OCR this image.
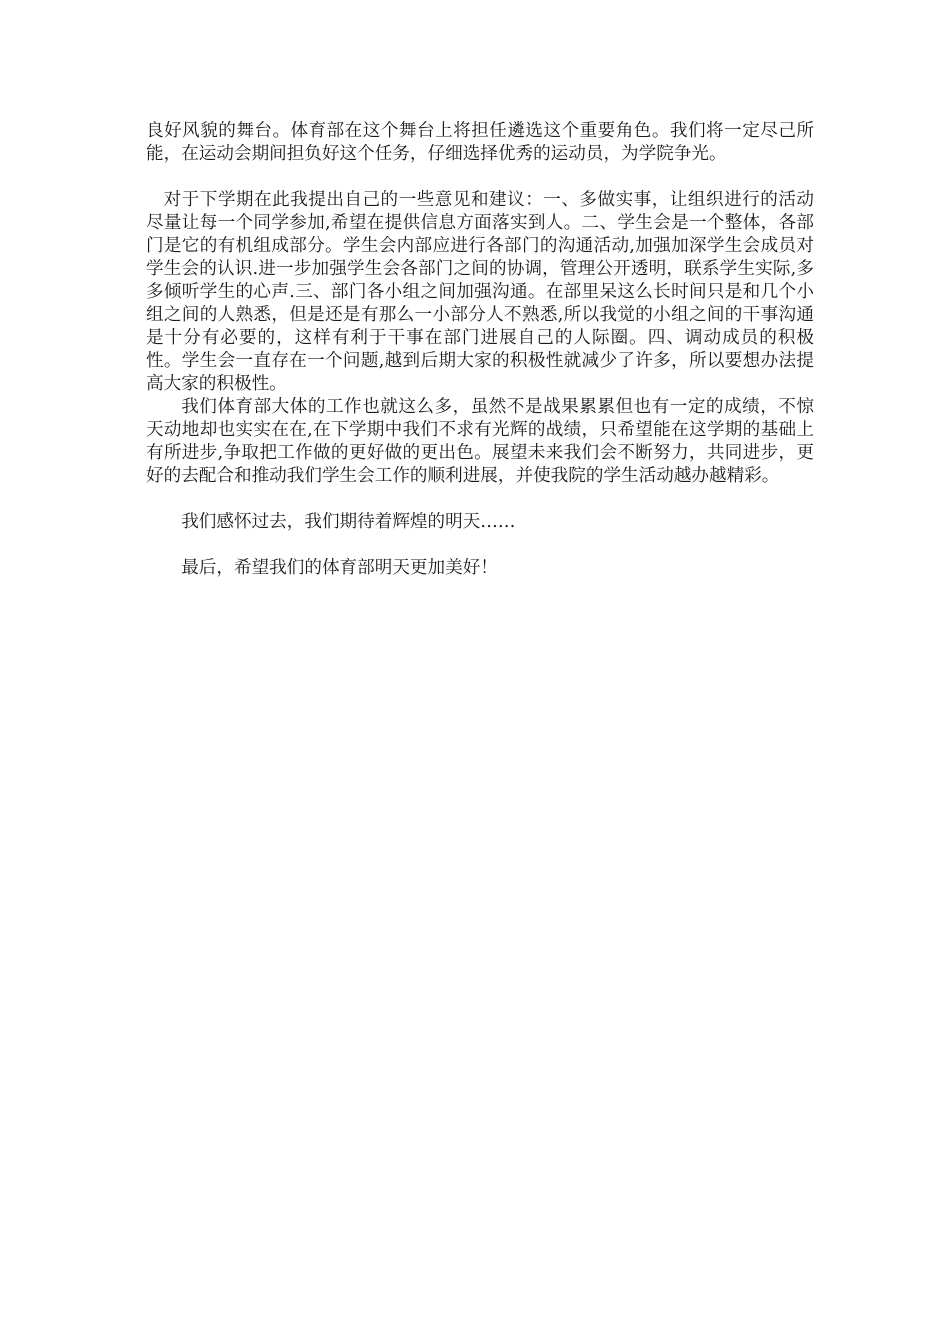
良好风貌的舞台。体育部在这个舞台上将担任遴选这个重要角色。我们将一定尽己所能，在运动会期间担负好这个任务，仔细选择优秀的运动员，为学院争光。

对于下学期在此我提出自己的一些意见和建议：一、多做实事，让组织进行的活动尽量让每一个同学参加,希望在提供信息方面落实到人。二、学生会是一个整体，各部门是它的有机组成部分。学生会内部应进行各部门的沟通活动,加强加深学生会成员对学生会的认识.进一步加强学生会各部门之间的协调，管理公开透明，联系学生实际,多多倾听学生的心声.三、部门各小组之间加强沟通。在部里呆这么长时间只是和几个小组之间的人熟悉，但是还是有那么一小部分人不熟悉,所以我觉的小组之间的干事沟通是十分有必要的，这样有利于干事在部门进展自己的人际圈。四、调动成员的积极性。学生会一直存在一个问题,越到后期大家的积极性就减少了许多，所以要想办法提高大家的积极性。

我们体育部大体的工作也就这么多，虽然不是战果累累但也有一定的成绩，不惊天动地却也实实在在,在下学期中我们不求有光辉的战绩，只希望能在这学期的基础上有所进步,争取把工作做的更好做的更出色。展望未来我们会不断努力，共同进步，更好的去配合和推动我们学生会工作的顺利进展，并使我院的学生活动越办越精彩。

我们感怀过去，我们期待着辉煌的明天……

最后，希望我们的体育部明天更加美好！
